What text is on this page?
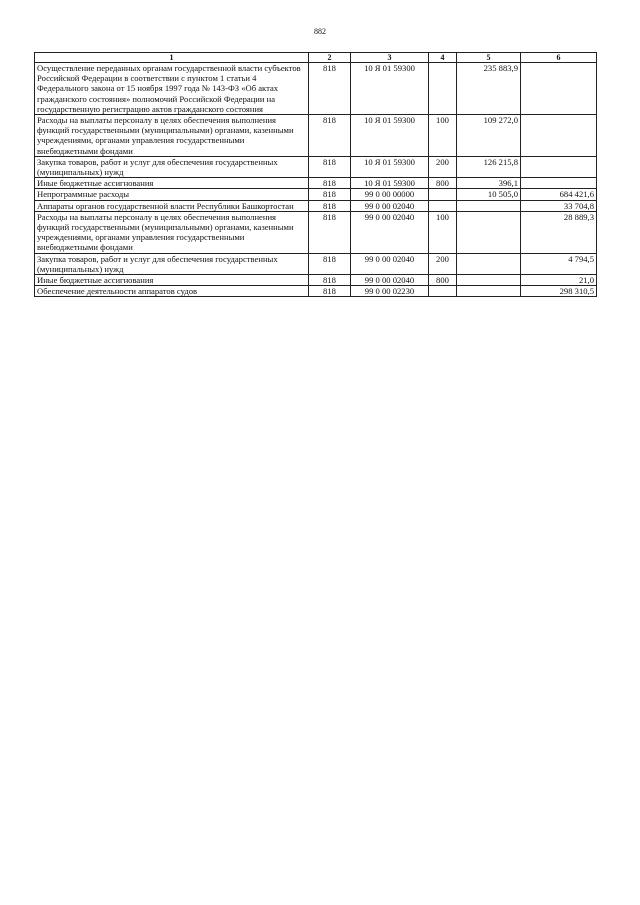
882
1	2	3	4	5	6
Осуществление переданных органам государственной власти субъектов Российской Федерации в соответствии с пунктом 1 статьи 4 Федерального закона от 15 ноября 1997 года № 143-ФЗ «Об актах гражданского состояния» полномочий Российской Федерации на государственную регистрацию актов гражданского состояния	818	10 Я 01 59300		235 883,9	
Расходы на выплаты персоналу в целях обеспечения выполнения функций государственными (муниципальными) органами, казенными учреждениями, органами управления государственными внебюджетными фондами	818	10 Я 01 59300	100	109 272,0	
Закупка товаров, работ и услуг для обеспечения государственных (муниципальных) нужд	818	10 Я 01 59300	200	126 215,8	
Иные бюджетные ассигнования	818	10 Я 01 59300	800	396,1	
Непрограммные расходы	818	99 0 00 00000		10 505,0	684 421,6
Аппараты органов государственной власти Республики Башкортостан	818	99 0 00 02040			33 704,8
Расходы на выплаты персоналу в целях обеспечения выполнения функций государственными (муниципальными) органами, казенными учреждениями, органами управления государственными внебюджетными фондами	818	99 0 00 02040	100		28 889,3
Закупка товаров, работ и услуг для обеспечения государственных (муниципальных) нужд	818	99 0 00 02040	200		4 794,5
Иные бюджетные ассигнования	818	99 0 00 02040	800		21,0
Обеспечение деятельности аппаратов судов	818	99 0 00 02230			298 310,5
